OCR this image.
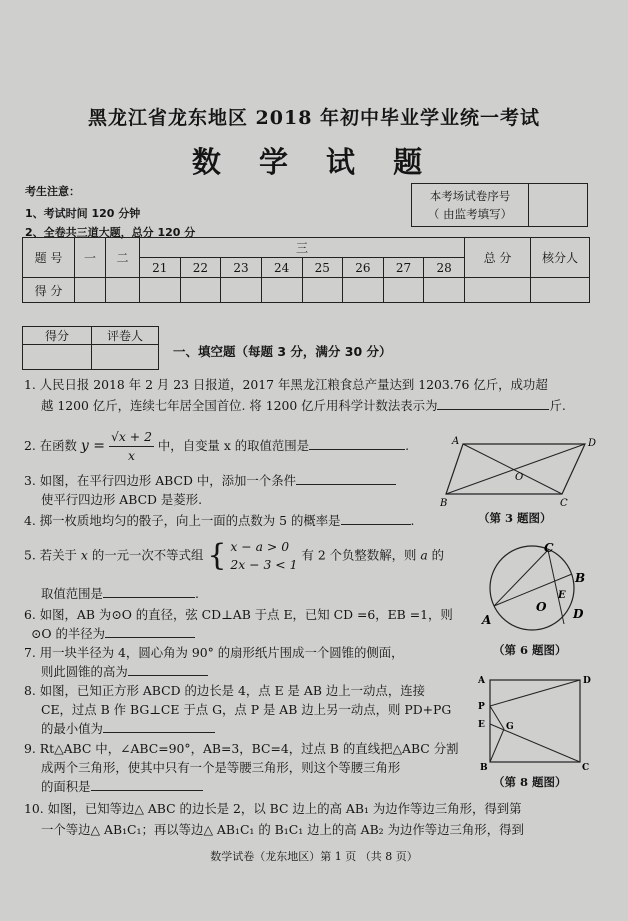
黑龙江省龙东地区 2018 年初中毕业学业统一考试
数 学 试 题
考生注意：
1、考试时间 120 分钟
2、全卷共三道大题，总分 120 分
本考场试卷序号
（ 由监考填写）

题 号	一	二	三								总 分	核分人
			21	22	23	24	25	26	27	28		
得 分												
得分	评卷人

一、填空题（每题 3 分，满分 30 分）
1. 人民日报 2018 年 2 月 23 日报道，2017 年黑龙江粮食总产量达到 1203.76 亿斤，成功超
越 1200 亿斤，连续七年居全国首位. 将 1200 亿斤用科学计数法表示为	斤.
2. 在函数 $y = \frac{√x + 2}{x}$ 中，自变量 x 的取值范围是	.
3. 如图，在平行四边形 ABCD 中，添加一个条件
使平行四边形 ABCD 是菱形.
4. 掷一枚质地均匀的骰子，向上一面的点数为 5 的概率是	.
5. 若关于 x 的一元一次不等式组 { x − a > 0
2x − 3 < 1
有 2 个负整数解，则 a 的
取值范围是	.
6. 如图，AB 为⊙O 的直径，弦 CD⊥AB 于点 E，已知 CD =6，EB =1，则
⊙O 的半径为
7. 用一块半径为 4，圆心角为 90° 的扇形纸片围成一个圆锥的侧面，
则此圆锥的高为
8. 如图，已知正方形 ABCD 的边长是 4，点 E 是 AB 边上一动点，连接
CE，过点 B 作 BG⊥CE 于点 G，点 P 是 AB 边上另一动点，则 PD+PG
的最小值为
9. Rt△ABC 中，∠ABC=90°，AB=3，BC=4，过点 B 的直线把△ABC 分割
成两个三角形，使其中只有一个是等腰三角形，则这个等腰三角形
的面积是
10. 如图，已知等边△ ABC 的边长是 2，以 BC 边上的高 AB₁ 为边作等边三角形，得到第
一个等边△ AB₁C₁；再以等边△ AB₁C₁ 的 B₁C₁ 边上的高 AB₂ 为边作等边三角形，得到
A	D
B	C
O
（第 3 题图）
C
B
E
O
A	D
（第 6 题图）
A	D
P
E G
B	C
（第 8 题图）
数学试卷（龙东地区）第 1 页 （共 8 页）
